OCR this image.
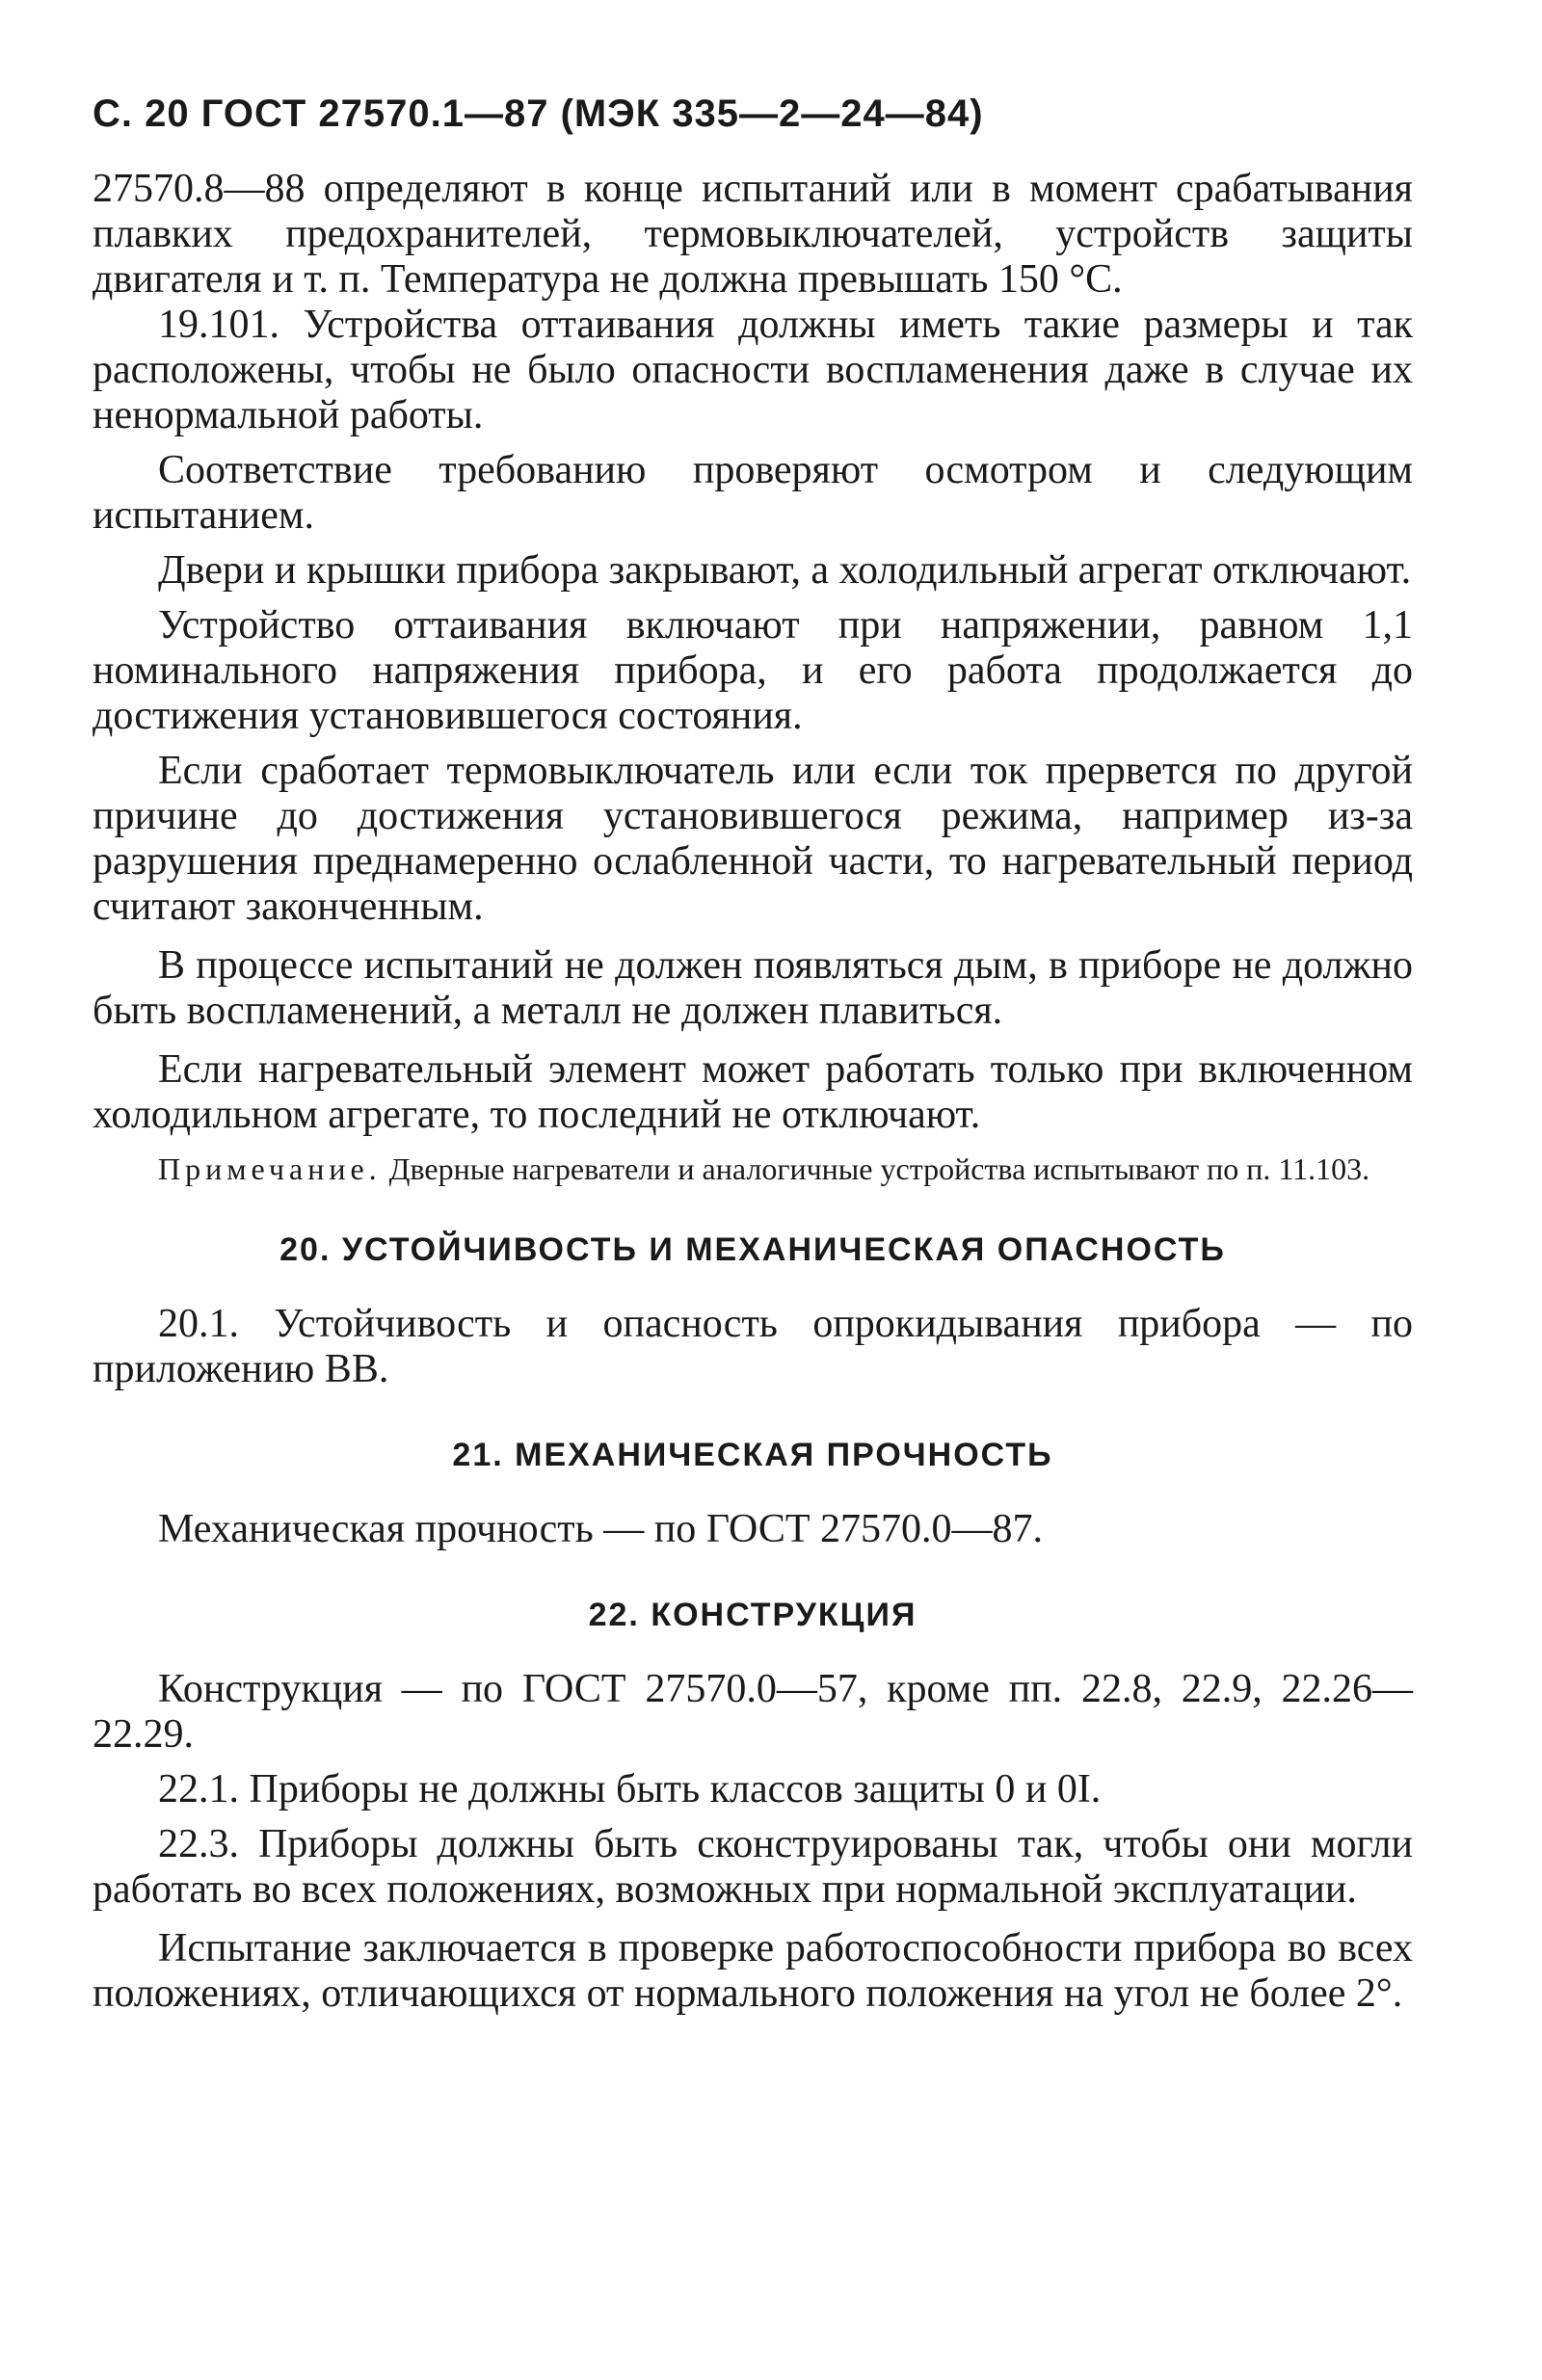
С. 20 ГОСТ 27570.1—87 (МЭК 335—2—24—84)

27570.8—88 определяют в конце испытаний или в момент срабатывания плавких предохранителей, термовыключателей, устройств защиты двигателя и т. п. Температура не должна превышать 150 °С.

19.101. Устройства оттаивания должны иметь такие размеры и так расположены, чтобы не было опасности воспламенения даже в случае их ненормальной работы.

Соответствие требованию проверяют осмотром и следующим испытанием.

Двери и крышки прибора закрывают, а холодильный агрегат отключают.

Устройство оттаивания включают при напряжении, равном 1,1 номинального напряжения прибора, и его работа продолжается до достижения установившегося состояния.

Если сработает термовыключатель или если ток прервется по другой причине до достижения установившегося режима, например из-за разрушения преднамеренно ослабленной части, то нагревательный период считают законченным.

В процессе испытаний не должен появляться дым, в приборе не должно быть воспламенений, а металл не должен плавиться.

Если нагревательный элемент может работать только при включенном холодильном агрегате, то последний не отключают.

Примечание. Дверные нагреватели и аналогичные устройства испытывают по п. 11.103.
20. УСТОЙЧИВОСТЬ И МЕХАНИЧЕСКАЯ ОПАСНОСТЬ

20.1. Устойчивость и опасность опрокидывания прибора — по приложению ВВ.

21. МЕХАНИЧЕСКАЯ ПРОЧНОСТЬ

Механическая прочность — по ГОСТ 27570.0—87.

22. КОНСТРУКЦИЯ

Конструкция — по ГОСТ 27570.0—57, кроме пп. 22.8, 22.9, 22.26—22.29.

22.1. Приборы не должны быть классов защиты 0 и 0I.

22.3. Приборы должны быть сконструированы так, чтобы они могли работать во всех положениях, возможных при нормальной эксплуатации.

Испытание заключается в проверке работоспособности прибора во всех положениях, отличающихся от нормального положения на угол не более 2°.
